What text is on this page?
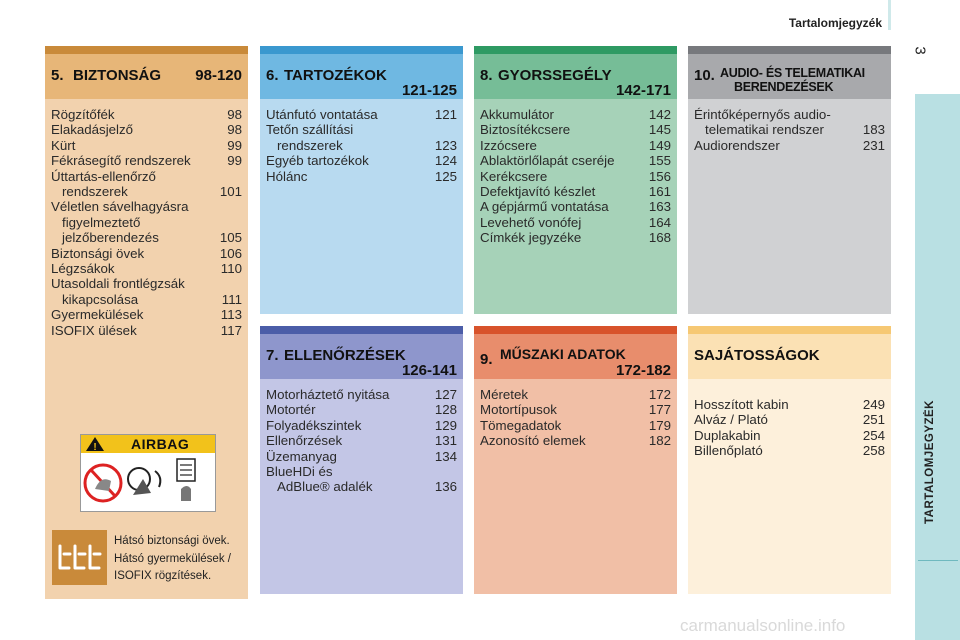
Tartalomjegyzék
3
TARTALOMJEGYZÉK
5. BIZTONSÁG 98-120
Rögzítőfék	98
Elakadásjelző	98
Kürt	99
Fékrásegítő rendszerek	99
Úttartás-ellenőrző
rendszerek	101
Véletlen sávelhagyásra
figyelmeztető
jelzőberendezés	105
Biztonsági övek	106
Légzsákok	110
Utasoldali frontlégzsák
kikapcsolása	111
Gyermekülések	113
ISOFIX ülések	117
6. TARTOZÉKOK
121-125
Utánfutó vontatása	121
Tetőn szállítási
rendszerek	123
Egyéb tartozékok	124
Hólánc	125
8. GYORSSEGÉLY
142-171
Akkumulátor	142
Biztosítékcsere	145
Izzócsere	149
Ablaktörlőlapát cseréje	155
Kerékcsere	156
Defektjavító készlet	161
A gépjármű vontatása	163
Levehető vonófej	164
Címkék jegyzéke	168
10. AUDIO- ÉS TELEMATIKAI
BERENDEZÉSEK
Érintőképernyős audio-
telematikai rendszer	183
Audiorendszer	231
7. ELLENŐRZÉSEK
126-141
Motorháztető nyitása	127
Motortér	128
Folyadékszintek	129
Ellenőrzések	131
Üzemanyag	134
BlueHDi és
AdBlue® adalék	136
9. MŰSZAKI ADATOK
172-182
Méretek	172
Motortípusok	177
Tömegadatok	179
Azonosító elemek	182
SAJÁTOSSÁGOK
Hosszított kabin	249
Alváz / Plató	251
Duplakabin	254
Billenőplató	258
! AIRBAG
Hátsó biztonsági övek.
Hátsó gyermekülések /
ISOFIX rögzítések.
carmanualsonline.info
